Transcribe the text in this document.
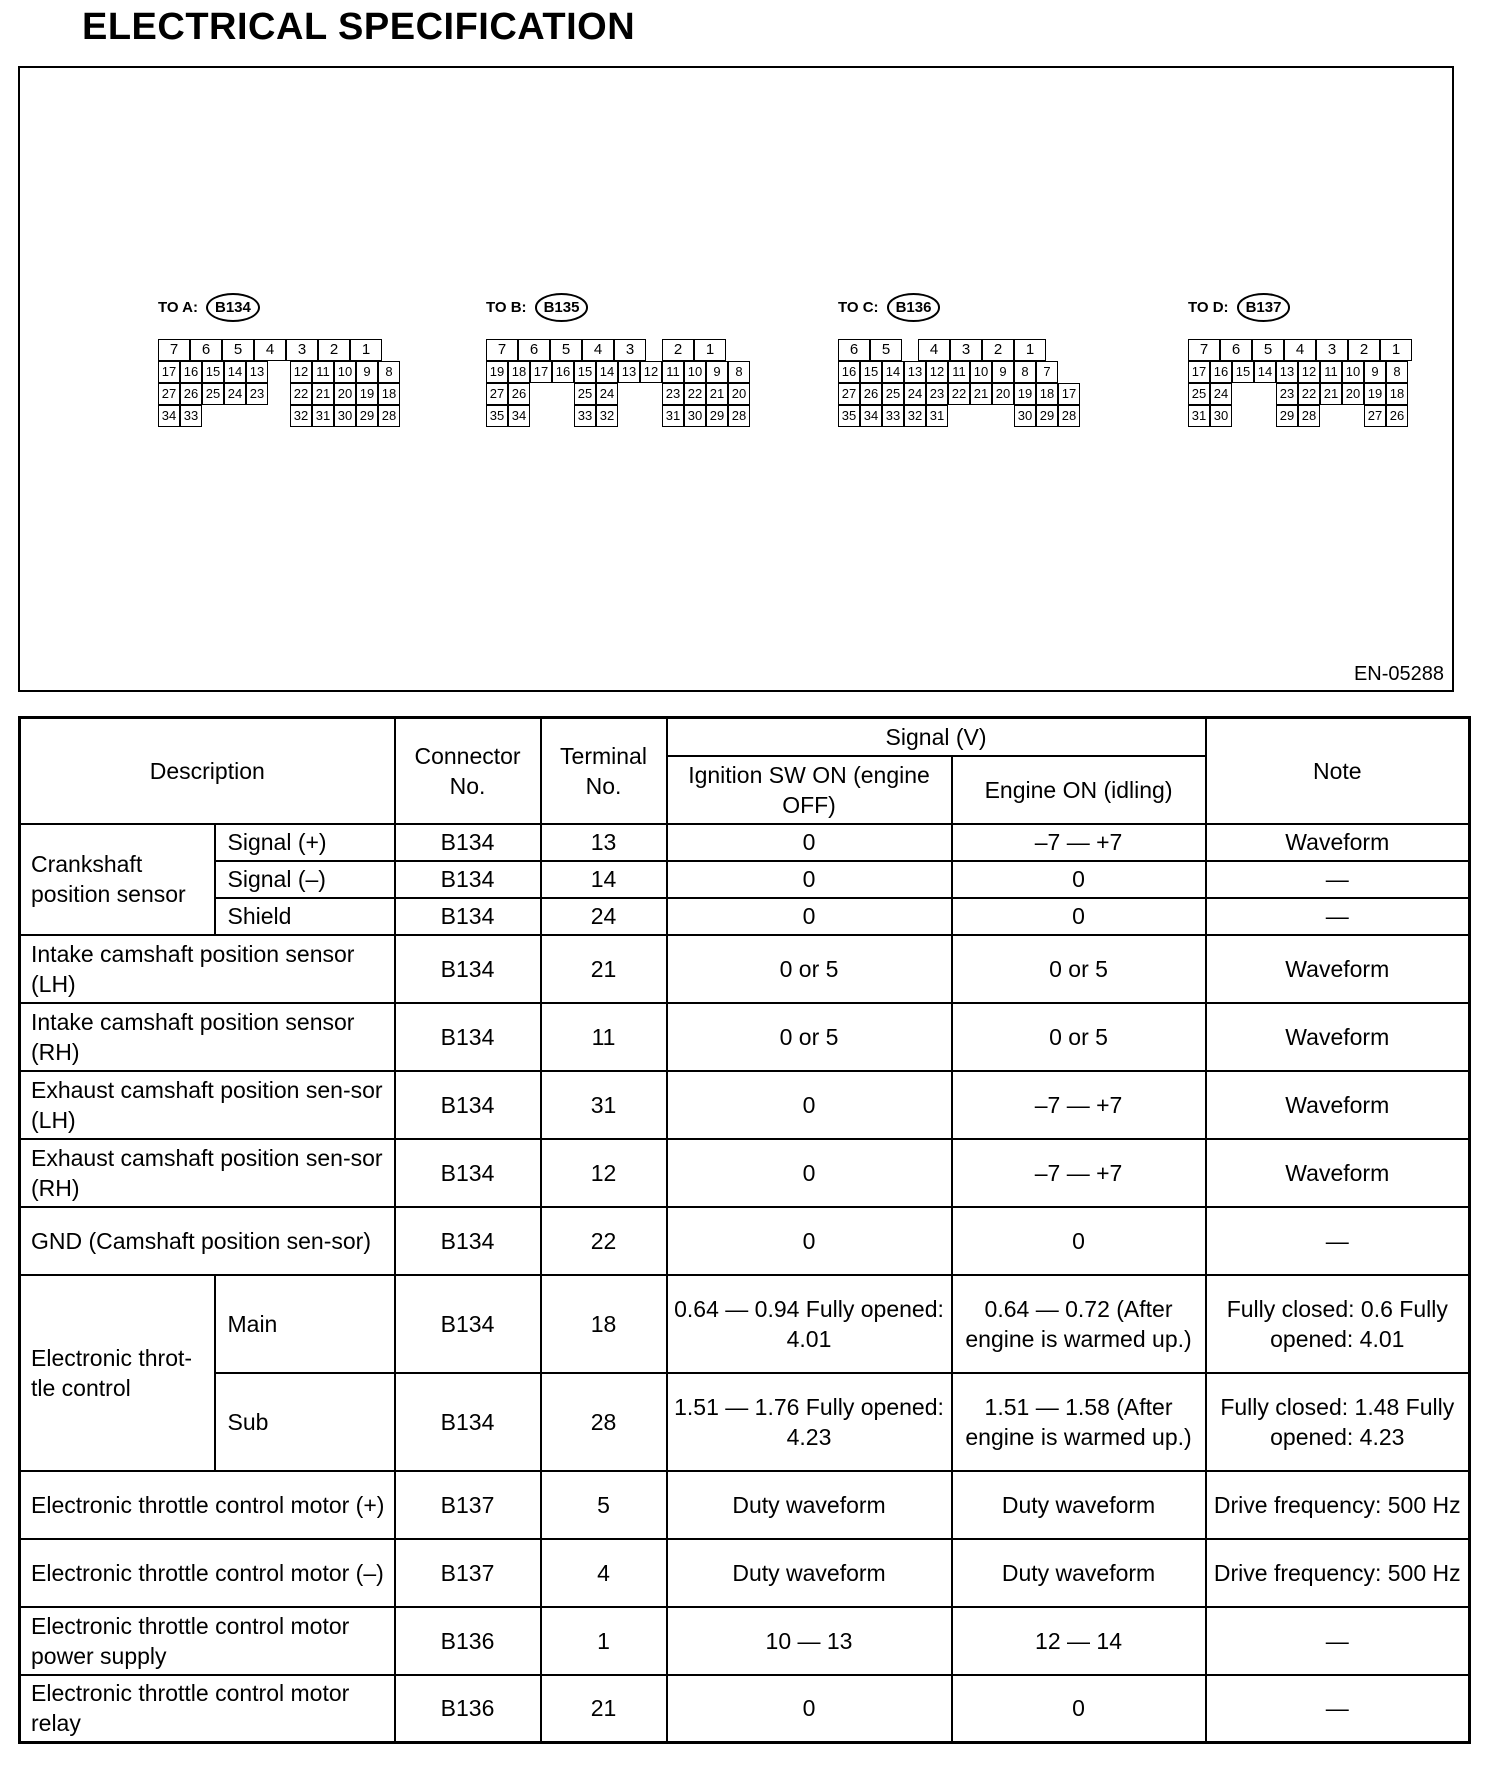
ELECTRICAL SPECIFICATION
TO A:	B134
7	6	5	4	3	2	1
17 16 15 14 13 12 11 10 9	8
27 26 25 24 23 22 21 20 19 18
34 33	32 31 30 29 28
TO B:	B135
7	6	5	4	3	2	1
19 18 17 16 15 14 13 12 11 10 9	8
27 26	25 24	23 22 21 20
35 34	33 32	31 30 29 28
TO C:	B136
6	5	4	3	2	1
16 15 14 13 12 11 10 9	8	7
27 26 25 24 23 22 21 20 19 18 17
35 34 33 32 31	30 29 28
TO D:	B137
7	6	5	4	3	2	1
17 16 15 14 13 12 11 10 9	8
25 24	23 22 21 20 19 18
31 30	29 28	27 26
EN-05288
Description		Connector No.	Terminal No.	Signal (V)		Note
				Ignition SW ON (engine OFF)	Engine ON (idling)	
Crankshaft position sensor	Signal (+)	B134	13	0	–7 — +7	Waveform
	Signal (–)	B134	14	0	0	—
	Shield	B134	24	0	0	—
Intake camshaft position sensor (LH)		B134	21	0 or 5	0 or 5	Waveform
Intake camshaft position sensor (RH)		B134	11	0 or 5	0 or 5	Waveform
Exhaust camshaft position sen-sor (LH)		B134	31	0	–7 — +7	Waveform
Exhaust camshaft position sen-sor (RH)		B134	12	0	–7 — +7	Waveform
GND (Camshaft position sen-sor)		B134	22	0	0	—
Electronic throt-tle control	Main	B134	18	0.64 — 0.94 Fully opened: 4.01	0.64 — 0.72 (After engine is warmed up.)	Fully closed: 0.6 Fully opened: 4.01
	Sub	B134	28	1.51 — 1.76 Fully opened: 4.23	1.51 — 1.58 (After engine is warmed up.)	Fully closed: 1.48 Fully opened: 4.23
Electronic throttle control motor (+)		B137	5	Duty waveform	Duty waveform	Drive frequency: 500 Hz
Electronic throttle control motor (–)		B137	4	Duty waveform	Duty waveform	Drive frequency: 500 Hz
Electronic throttle control motor power supply		B136	1	10 — 13	12 — 14	—
Electronic throttle control motor relay		B136	21	0	0	—
